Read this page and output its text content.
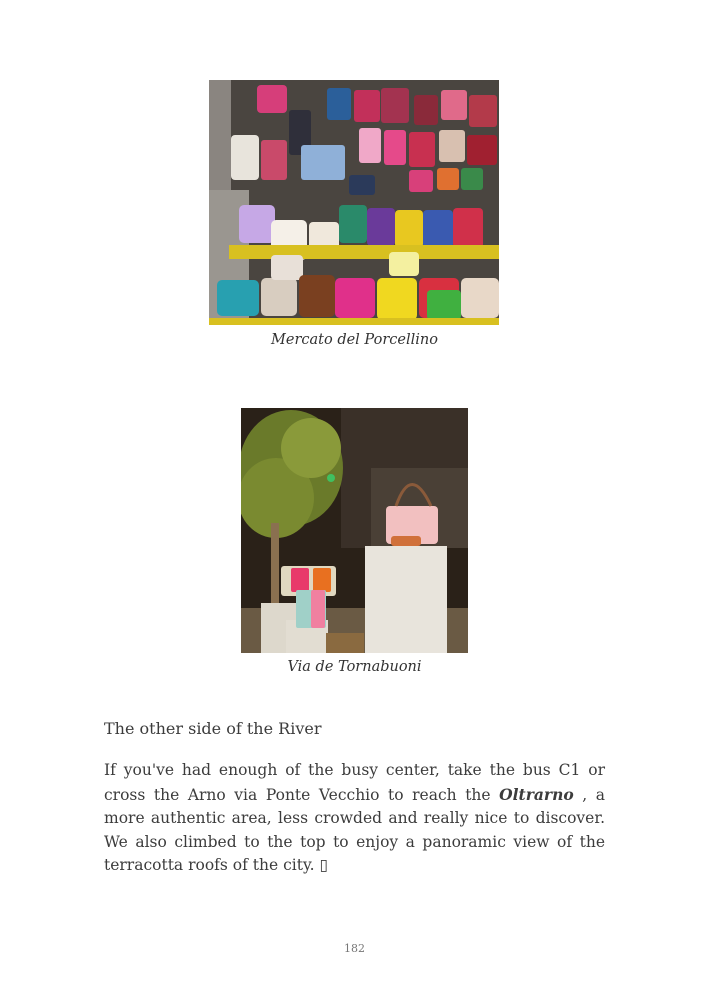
Mercato del Porcellino
Via de Tornabuoni
The other side of the River
If you've had enough of the busy center, take the bus C1 or cross the Arno via Ponte Vecchio to reach the Oltrarno , a more authentic area, less crowded and really nice to discover. We also climbed to the top to enjoy a panoramic view of the terracotta roofs of the city. ▯
182
